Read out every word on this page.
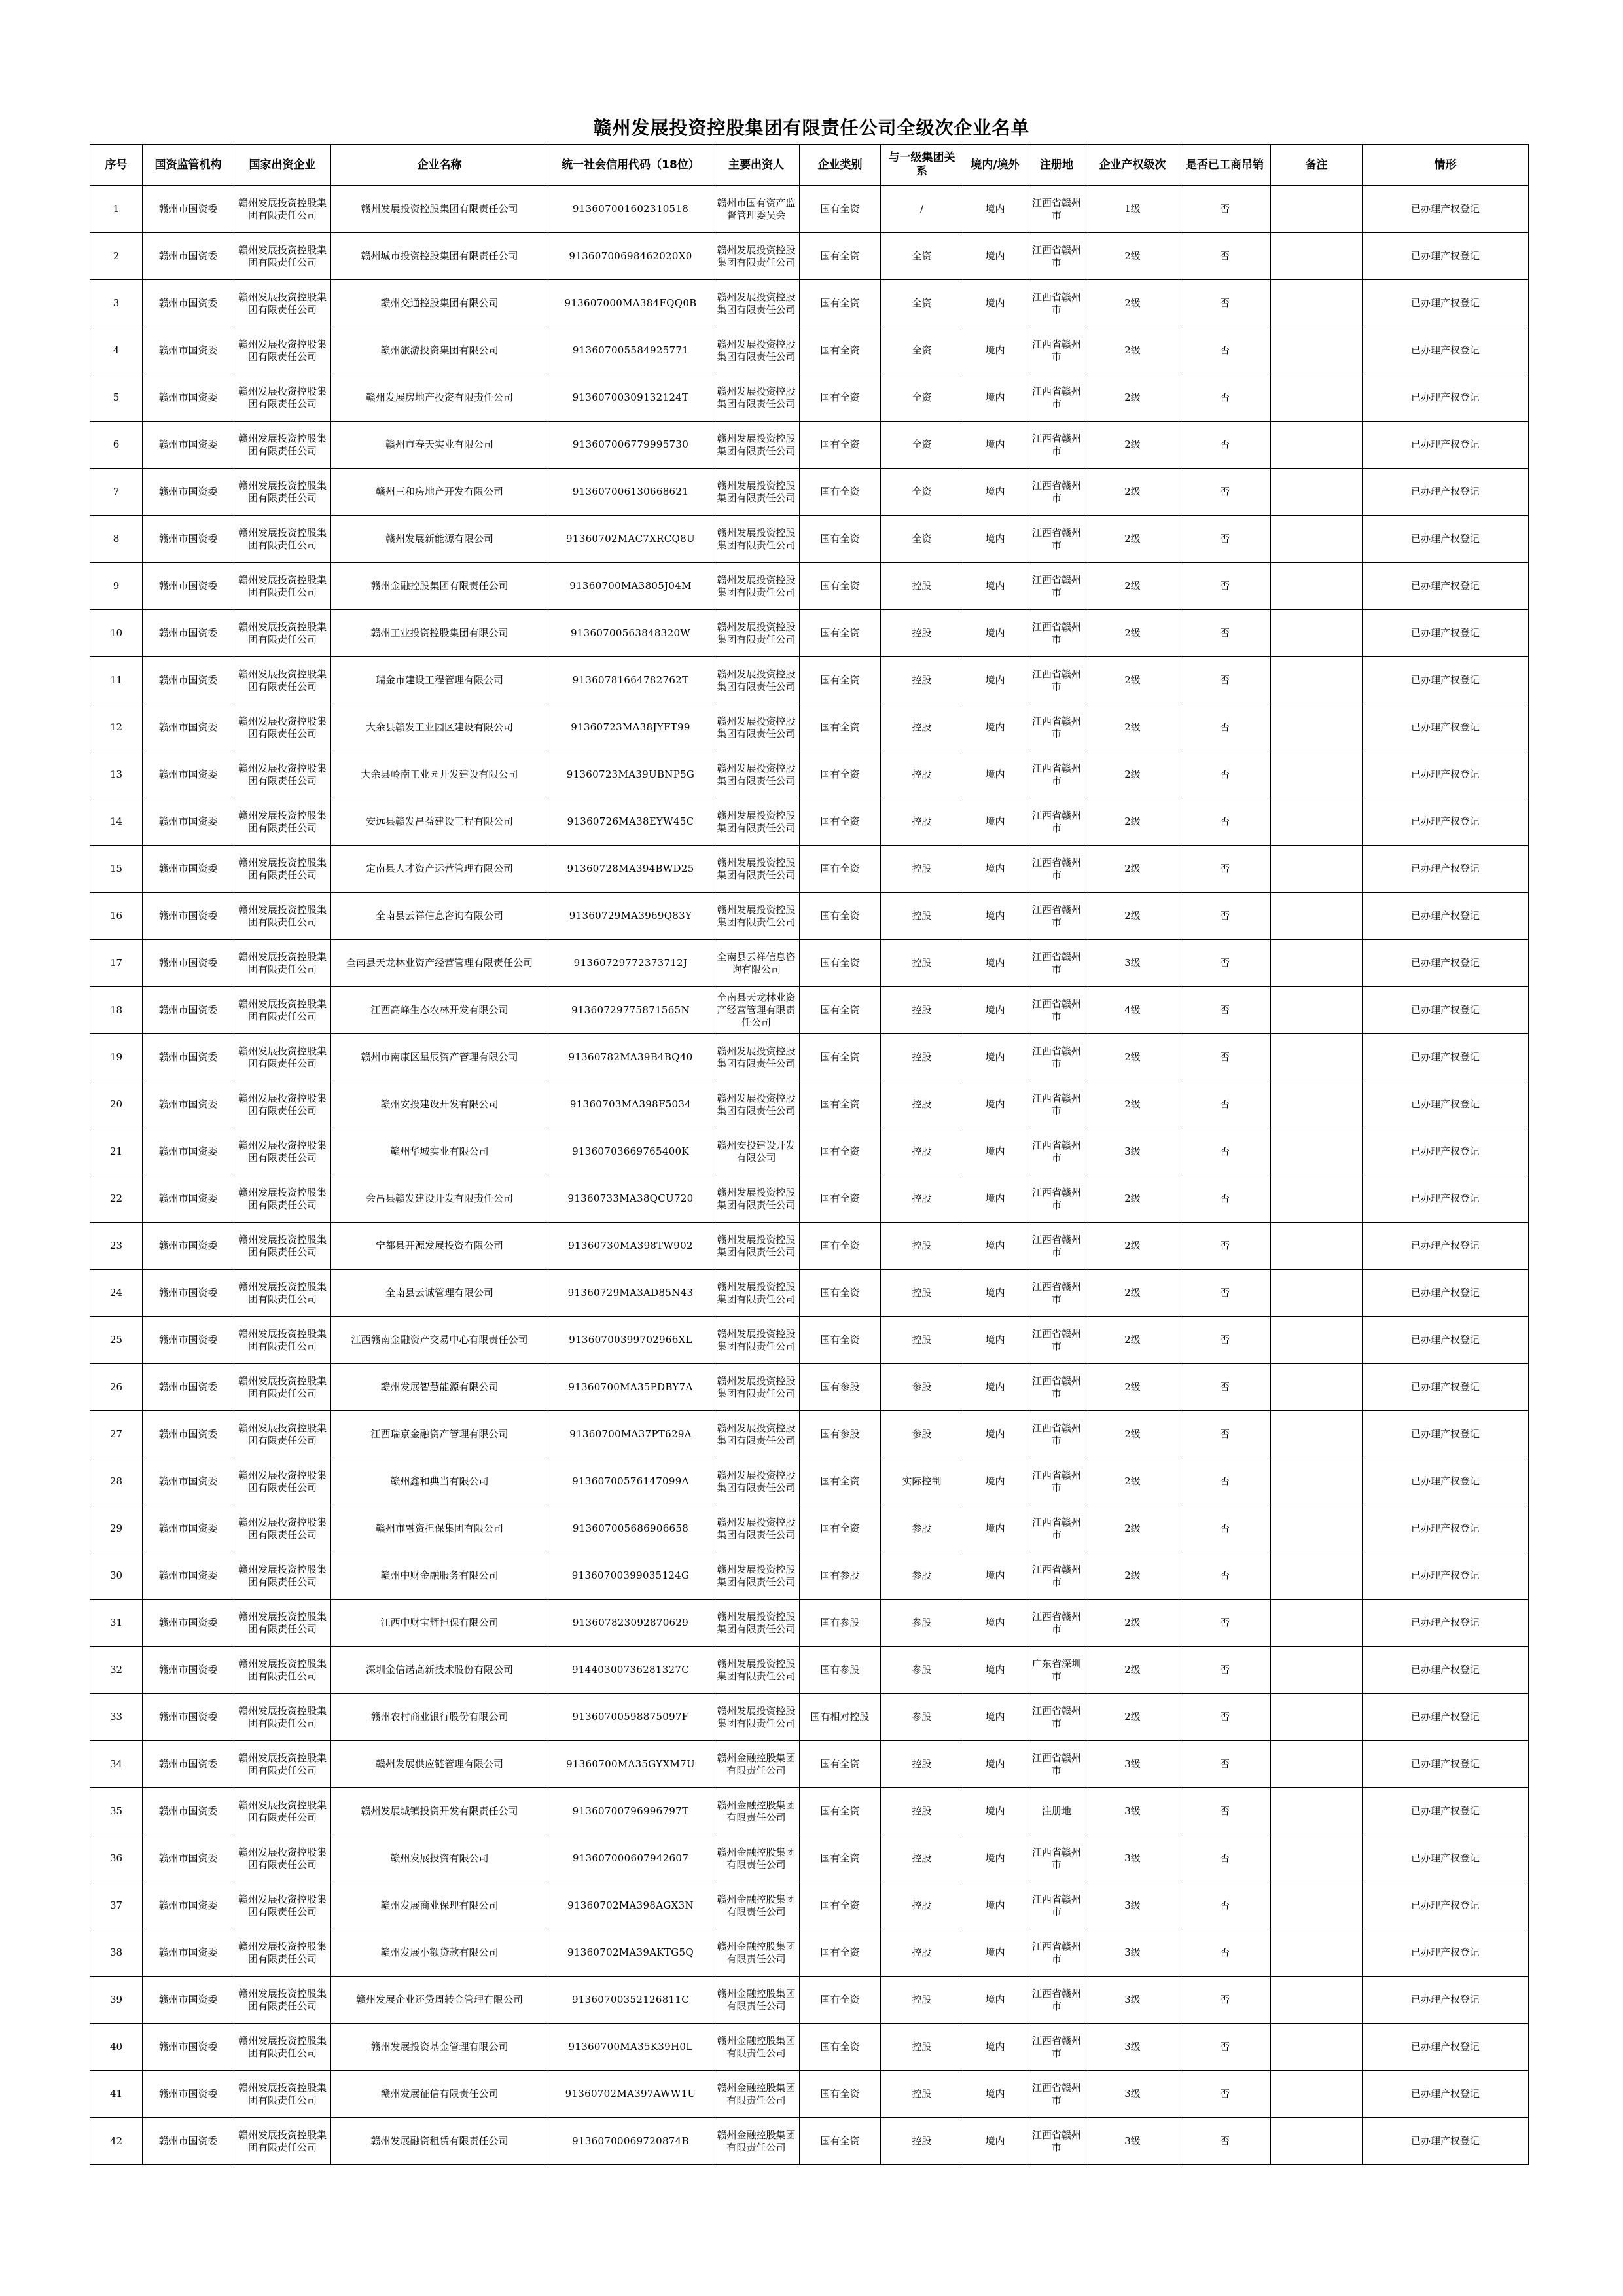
赣州发展投资控股集团有限责任公司全级次企业名单
序号	国资监管机构	国家出资企业	企业名称	统一社会信用代码（18位）	主要出资人	企业类别	与一级集团关系	境内/境外	注册地	企业产权级次	是否已工商吊销	备注	情形
1	赣州市国资委	赣州发展投资控股集团有限责任公司	赣州发展投资控股集团有限责任公司	913607001602310518	赣州市国有资产监督管理委员会	国有全资	/	境内	江西省赣州市	1级	否		已办理产权登记
2	赣州市国资委	赣州发展投资控股集团有限责任公司	赣州城市投资控股集团有限责任公司	91360700698462020X0	赣州发展投资控股集团有限责任公司	国有全资	全资	境内	江西省赣州市	2级	否		已办理产权登记
3	赣州市国资委	赣州发展投资控股集团有限责任公司	赣州交通控股集团有限公司	913607000MA384FQQ0B	赣州发展投资控股集团有限责任公司	国有全资	全资	境内	江西省赣州市	2级	否		已办理产权登记
4	赣州市国资委	赣州发展投资控股集团有限责任公司	赣州旅游投资集团有限公司	913607005584925771	赣州发展投资控股集团有限责任公司	国有全资	全资	境内	江西省赣州市	2级	否		已办理产权登记
5	赣州市国资委	赣州发展投资控股集团有限责任公司	赣州发展房地产投资有限责任公司	91360700309132124T	赣州发展投资控股集团有限责任公司	国有全资	全资	境内	江西省赣州市	2级	否		已办理产权登记
6	赣州市国资委	赣州发展投资控股集团有限责任公司	赣州市春天实业有限公司	913607006779995730	赣州发展投资控股集团有限责任公司	国有全资	全资	境内	江西省赣州市	2级	否		已办理产权登记
7	赣州市国资委	赣州发展投资控股集团有限责任公司	赣州三和房地产开发有限公司	913607006130668621	赣州发展投资控股集团有限责任公司	国有全资	全资	境内	江西省赣州市	2级	否		已办理产权登记
8	赣州市国资委	赣州发展投资控股集团有限责任公司	赣州发展新能源有限公司	91360702MAC7XRCQ8U	赣州发展投资控股集团有限责任公司	国有全资	全资	境内	江西省赣州市	2级	否		已办理产权登记
9	赣州市国资委	赣州发展投资控股集团有限责任公司	赣州金融控股集团有限责任公司	91360700MA3805J04M	赣州发展投资控股集团有限责任公司	国有全资	控股	境内	江西省赣州市	2级	否		已办理产权登记
10	赣州市国资委	赣州发展投资控股集团有限责任公司	赣州工业投资控股集团有限公司	91360700563848320W	赣州发展投资控股集团有限责任公司	国有全资	控股	境内	江西省赣州市	2级	否		已办理产权登记
11	赣州市国资委	赣州发展投资控股集团有限责任公司	瑞金市建设工程管理有限公司	91360781664782762T	赣州发展投资控股集团有限责任公司	国有全资	控股	境内	江西省赣州市	2级	否		已办理产权登记
12	赣州市国资委	赣州发展投资控股集团有限责任公司	大余县赣发工业园区建设有限公司	91360723MA38JYFT99	赣州发展投资控股集团有限责任公司	国有全资	控股	境内	江西省赣州市	2级	否		已办理产权登记
13	赣州市国资委	赣州发展投资控股集团有限责任公司	大余县岭南工业园开发建设有限公司	91360723MA39UBNP5G	赣州发展投资控股集团有限责任公司	国有全资	控股	境内	江西省赣州市	2级	否		已办理产权登记
14	赣州市国资委	赣州发展投资控股集团有限责任公司	安远县赣发昌益建设工程有限公司	91360726MA38EYW45C	赣州发展投资控股集团有限责任公司	国有全资	控股	境内	江西省赣州市	2级	否		已办理产权登记
15	赣州市国资委	赣州发展投资控股集团有限责任公司	定南县人才资产运营管理有限公司	91360728MA394BWD25	赣州发展投资控股集团有限责任公司	国有全资	控股	境内	江西省赣州市	2级	否		已办理产权登记
16	赣州市国资委	赣州发展投资控股集团有限责任公司	全南县云祥信息咨询有限公司	91360729MA3969Q83Y	赣州发展投资控股集团有限责任公司	国有全资	控股	境内	江西省赣州市	2级	否		已办理产权登记
17	赣州市国资委	赣州发展投资控股集团有限责任公司	全南县天龙林业资产经营管理有限责任公司	91360729772373712J	全南县云祥信息咨询有限公司	国有全资	控股	境内	江西省赣州市	3级	否		已办理产权登记
18	赣州市国资委	赣州发展投资控股集团有限责任公司	江西高峰生态农林开发有限公司	91360729775871565N	全南县天龙林业资产经营管理有限责任公司	国有全资	控股	境内	江西省赣州市	4级	否		已办理产权登记
19	赣州市国资委	赣州发展投资控股集团有限责任公司	赣州市南康区星辰资产管理有限公司	91360782MA39B4BQ40	赣州发展投资控股集团有限责任公司	国有全资	控股	境内	江西省赣州市	2级	否		已办理产权登记
20	赣州市国资委	赣州发展投资控股集团有限责任公司	赣州安投建设开发有限公司	91360703MA398F5034	赣州发展投资控股集团有限责任公司	国有全资	控股	境内	江西省赣州市	2级	否		已办理产权登记
21	赣州市国资委	赣州发展投资控股集团有限责任公司	赣州华城实业有限公司	91360703669765400K	赣州安投建设开发有限公司	国有全资	控股	境内	江西省赣州市	3级	否		已办理产权登记
22	赣州市国资委	赣州发展投资控股集团有限责任公司	会昌县赣发建设开发有限责任公司	91360733MA38QCU720	赣州发展投资控股集团有限责任公司	国有全资	控股	境内	江西省赣州市	2级	否		已办理产权登记
23	赣州市国资委	赣州发展投资控股集团有限责任公司	宁都县开源发展投资有限公司	91360730MA398TW902	赣州发展投资控股集团有限责任公司	国有全资	控股	境内	江西省赣州市	2级	否		已办理产权登记
24	赣州市国资委	赣州发展投资控股集团有限责任公司	全南县云诚管理有限公司	91360729MA3AD85N43	赣州发展投资控股集团有限责任公司	国有全资	控股	境内	江西省赣州市	2级	否		已办理产权登记
25	赣州市国资委	赣州发展投资控股集团有限责任公司	江西赣南金融资产交易中心有限责任公司	91360700399702966XL	赣州发展投资控股集团有限责任公司	国有全资	控股	境内	江西省赣州市	2级	否		已办理产权登记
26	赣州市国资委	赣州发展投资控股集团有限责任公司	赣州发展智慧能源有限公司	91360700MA35PDBY7A	赣州发展投资控股集团有限责任公司	国有参股	参股	境内	江西省赣州市	2级	否		已办理产权登记
27	赣州市国资委	赣州发展投资控股集团有限责任公司	江西瑞京金融资产管理有限公司	91360700MA37PT629A	赣州发展投资控股集团有限责任公司	国有参股	参股	境内	江西省赣州市	2级	否		已办理产权登记
28	赣州市国资委	赣州发展投资控股集团有限责任公司	赣州鑫和典当有限公司	91360700576147099A	赣州发展投资控股集团有限责任公司	国有全资	实际控制	境内	江西省赣州市	2级	否		已办理产权登记
29	赣州市国资委	赣州发展投资控股集团有限责任公司	赣州市融资担保集团有限公司	913607005686906658	赣州发展投资控股集团有限责任公司	国有全资	参股	境内	江西省赣州市	2级	否		已办理产权登记
30	赣州市国资委	赣州发展投资控股集团有限责任公司	赣州中财金融服务有限公司	91360700399035124G	赣州发展投资控股集团有限责任公司	国有参股	参股	境内	江西省赣州市	2级	否		已办理产权登记
31	赣州市国资委	赣州发展投资控股集团有限责任公司	江西中财宝辉担保有限公司	913607823092870629	赣州发展投资控股集团有限责任公司	国有参股	参股	境内	江西省赣州市	2级	否		已办理产权登记
32	赣州市国资委	赣州发展投资控股集团有限责任公司	深圳金信诺高新技术股份有限公司	91440300736281327C	赣州发展投资控股集团有限责任公司	国有参股	参股	境内	广东省深圳市	2级	否		已办理产权登记
33	赣州市国资委	赣州发展投资控股集团有限责任公司	赣州农村商业银行股份有限公司	91360700598875097F	赣州发展投资控股集团有限责任公司	国有相对控股	参股	境内	江西省赣州市	2级	否		已办理产权登记
34	赣州市国资委	赣州发展投资控股集团有限责任公司	赣州发展供应链管理有限公司	91360700MA35GYXM7U	赣州金融控股集团有限责任公司	国有全资	控股	境内	江西省赣州市	3级	否		已办理产权登记
35	赣州市国资委	赣州发展投资控股集团有限责任公司	赣州发展城镇投资开发有限责任公司	91360700796996797T	赣州金融控股集团有限责任公司	国有全资	控股	境内	注册地	3级	否		已办理产权登记
36	赣州市国资委	赣州发展投资控股集团有限责任公司	赣州发展投资有限公司	913607000607942607	赣州金融控股集团有限责任公司	国有全资	控股	境内	江西省赣州市	3级	否		已办理产权登记
37	赣州市国资委	赣州发展投资控股集团有限责任公司	赣州发展商业保理有限公司	91360702MA398AGX3N	赣州金融控股集团有限责任公司	国有全资	控股	境内	江西省赣州市	3级	否		已办理产权登记
38	赣州市国资委	赣州发展投资控股集团有限责任公司	赣州发展小额贷款有限公司	91360702MA39AKTG5Q	赣州金融控股集团有限责任公司	国有全资	控股	境内	江西省赣州市	3级	否		已办理产权登记
39	赣州市国资委	赣州发展投资控股集团有限责任公司	赣州发展企业还贷周转金管理有限公司	91360700352126811C	赣州金融控股集团有限责任公司	国有全资	控股	境内	江西省赣州市	3级	否		已办理产权登记
40	赣州市国资委	赣州发展投资控股集团有限责任公司	赣州发展投资基金管理有限公司	91360700MA35K39H0L	赣州金融控股集团有限责任公司	国有全资	控股	境内	江西省赣州市	3级	否		已办理产权登记
41	赣州市国资委	赣州发展投资控股集团有限责任公司	赣州发展征信有限责任公司	91360702MA397AWW1U	赣州金融控股集团有限责任公司	国有全资	控股	境内	江西省赣州市	3级	否		已办理产权登记
42	赣州市国资委	赣州发展投资控股集团有限责任公司	赣州发展融资租赁有限责任公司	91360700069720874B	赣州金融控股集团有限责任公司	国有全资	控股	境内	江西省赣州市	3级	否		已办理产权登记
